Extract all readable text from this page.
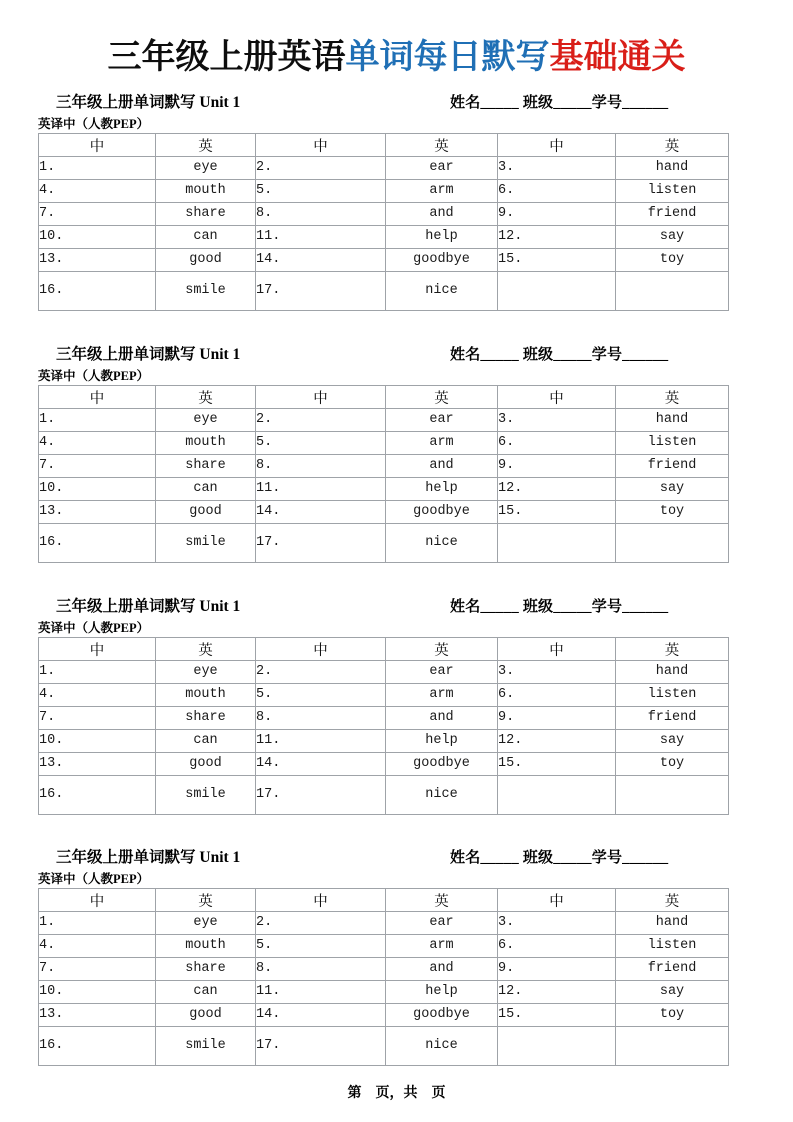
三年级上册英语单词每日默写基础通关
三年级上册单词默写 Unit 1	姓名_____ 班级_____学号______
英译中（人教PEP）
中	英	中	英	中	英
1.	eye	2.	ear	3.	hand
4.	mouth	5.	arm	6.	listen
7.	share	8.	and	9.	friend
10.	can	11.	help	12.	say
13.	good	14.	goodbye	15.	toy
16.	smile	17.	nice		
三年级上册单词默写 Unit 1	姓名_____ 班级_____学号______
英译中（人教PEP）
中	英	中	英	中	英
1.	eye	2.	ear	3.	hand
4.	mouth	5.	arm	6.	listen
7.	share	8.	and	9.	friend
10.	can	11.	help	12.	say
13.	good	14.	goodbye	15.	toy
16.	smile	17.	nice		
三年级上册单词默写 Unit 1	姓名_____ 班级_____学号______
英译中（人教PEP）
中	英	中	英	中	英
1.	eye	2.	ear	3.	hand
4.	mouth	5.	arm	6.	listen
7.	share	8.	and	9.	friend
10.	can	11.	help	12.	say
13.	good	14.	goodbye	15.	toy
16.	smile	17.	nice		
三年级上册单词默写 Unit 1	姓名_____ 班级_____学号______
英译中（人教PEP）
中	英	中	英	中	英
1.	eye	2.	ear	3.	hand
4.	mouth	5.	arm	6.	listen
7.	share	8.	and	9.	friend
10.	can	11.	help	12.	say
13.	good	14.	goodbye	15.	toy
16.	smile	17.	nice		
第　页，共　页
